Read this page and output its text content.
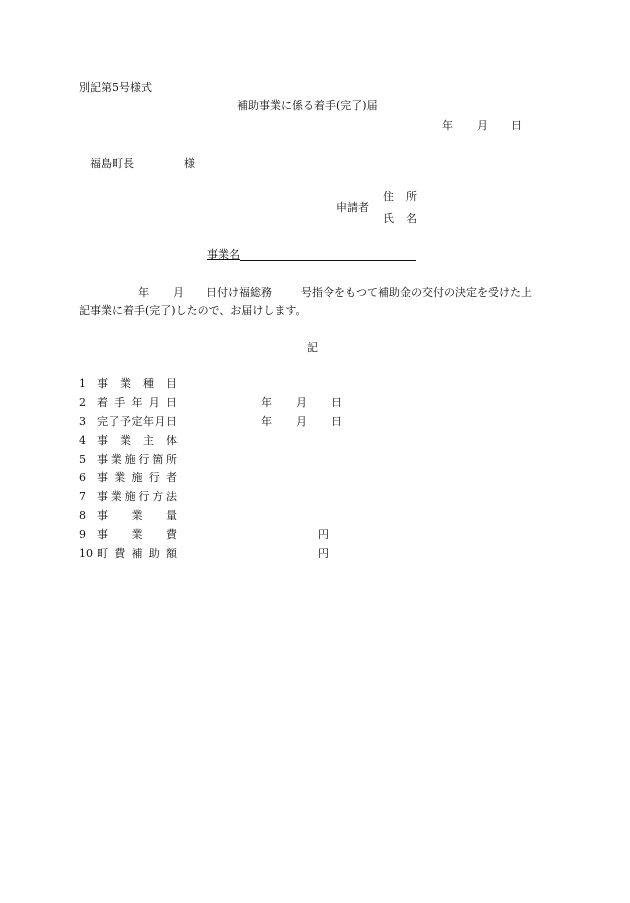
別記第5号様式
補助事業に係る着手(完了)届
年 月 日
福島町長	様
申請者
住 所
氏 名
事業名
年 月 日付け福総務	号指令をもつて補助金の交付の決定を受けた上
記事業に着手(完了)したので、お届けします。
記
1 事業種目
2 着手年月日	年 月 日
3 完了予定年月日	年 月 日
4 事業主体
5 事業施行箇所
6 事業施行者
7 事業施行方法
8 事業量
9 事業費	円
10 町費補助額	円
